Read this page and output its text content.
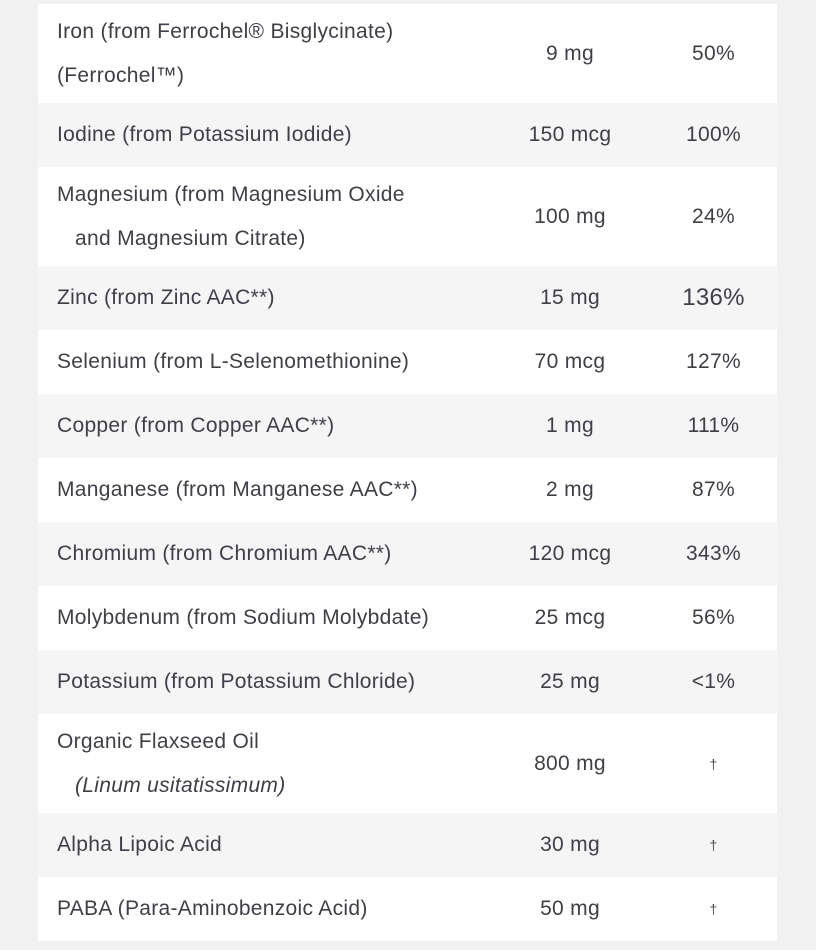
Iron (from Ferrochel® Bisglycinate)
(Ferrochel™)
9 mg	50%
Iodine (from Potassium Iodide)	150 mcg	100%
Magnesium (from Magnesium Oxide
and Magnesium Citrate)
100 mg	24%
Zinc (from Zinc AAC**)	15 mg	136%
Selenium (from L-Selenomethionine)	70 mcg	127%
Copper (from Copper AAC**)	1 mg	111%
Manganese (from Manganese AAC**)	2 mg	87%
Chromium (from Chromium AAC**)	120 mcg	343%
Molybdenum (from Sodium Molybdate)	25 mcg	56%
Potassium (from Potassium Chloride)	25 mg	<1%
Organic Flaxseed Oil
(Linum usitatissimum)
800 mg	†
Alpha Lipoic Acid	30 mg	†
PABA (Para-Aminobenzoic Acid)	50 mg	†
